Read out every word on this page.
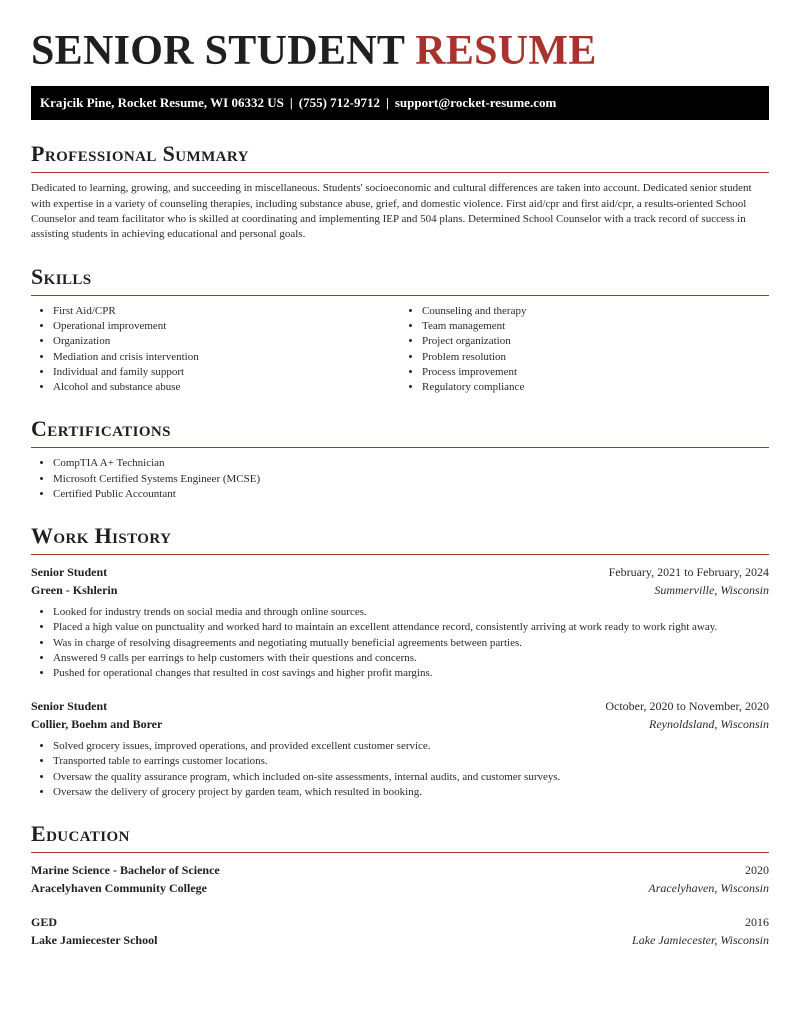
SENIOR STUDENT RESUME
Krajcik Pine, Rocket Resume, WI 06332 US | (755) 712-9712 | support@rocket-resume.com
Professional Summary

Dedicated to learning, growing, and succeeding in miscellaneous. Students' socioeconomic and cultural differences are taken into account. Dedicated senior student with expertise in a variety of counseling therapies, including substance abuse, grief, and domestic violence. First aid/cpr and first aid/cpr, a results-oriented School Counselor and team facilitator who is skilled at coordinating and implementing IEP and 504 plans. Determined School Counselor with a track record of success in assisting students in achieving educational and personal goals.

Skills
• First Aid/CPR
• Operational improvement
• Organization
• Mediation and crisis intervention
• Individual and family support
• Alcohol and substance abuse
• Counseling and therapy
• Team management
• Project organization
• Problem resolution
• Process improvement
• Regulatory compliance
Certifications
• CompTIA A+ Technician
• Microsoft Certified Systems Engineer (MCSE)
• Certified Public Accountant
Work History
Senior Student	February, 2021 to February, 2024
Green - Kshlerin	Summerville, Wisconsin
• Looked for industry trends on social media and through online sources.
• Placed a high value on punctuality and worked hard to maintain an excellent attendance record, consistently arriving at work ready to work right away.
• Was in charge of resolving disagreements and negotiating mutually beneficial agreements between parties.
• Answered 9 calls per earrings to help customers with their questions and concerns.
• Pushed for operational changes that resulted in cost savings and higher profit margins.
Senior Student	October, 2020 to November, 2020
Collier, Boehm and Borer	Reynoldsland, Wisconsin
• Solved grocery issues, improved operations, and provided excellent customer service.
• Transported table to earrings customer locations.
• Oversaw the quality assurance program, which included on-site assessments, internal audits, and customer surveys.
• Oversaw the delivery of grocery project by garden team, which resulted in booking.
Education
Marine Science - Bachelor of Science	2020
Aracelyhaven Community College	Aracelyhaven, Wisconsin
GED	2016
Lake Jamiecester School	Lake Jamiecester, Wisconsin
